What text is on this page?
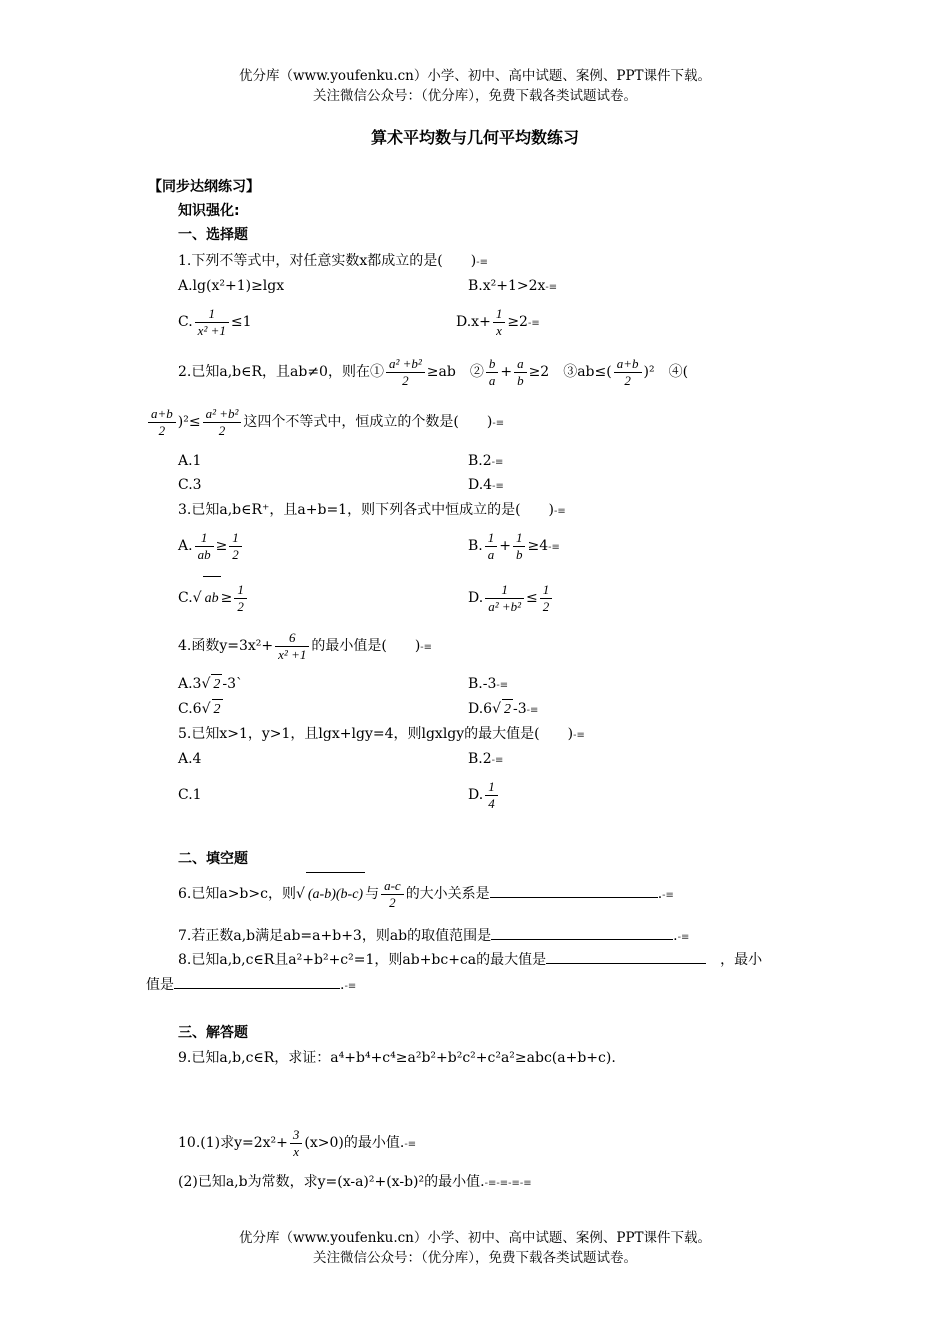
优分库（www.youfenku.cn）小学、初中、高中试题、案例、PPT课件下载。
关注微信公众号：（优分库），免费下载各类试题试卷。
算术平均数与几何平均数练习
【同步达纲练习】
知识强化:
一、选择题
1.下列不等式中，对任意实数x都成立的是(　　)-≡
A.lg(x²+1)≥lgx	B.x²+1>2x-≡
C. $\frac{1}{\text{x² +1}} \le 1$	$D.x+ \frac{1}{x} \ge 2-\equiv$
2.已知a,b∈R，且ab≠0，则在① $\frac{\text{a² +b²}}{2} \ge ab$　② $\frac{b}{a} + \frac{a}{b} \ge 2$　③ab≤( $\frac{a+b}{2} )^2$　④(
$\frac{a+b}{2} )^2\le \frac{\text{a² +b²}}{2}$ 这四个不等式中，恒成立的个数是(　　)-≡
A.1	B.2-≡
C.3	D.4-≡
3.已知a,b∈R⁺，且a+b=1，则下列各式中恒成立的是(　　)-≡
A. $\frac{1}{ab} \ge \frac{1}{2}$	B. $\frac{1}{a} + \frac{1}{b} \ge 4-\equiv$
C.√ ab ≥ $\frac{1}{2}$	D. $\frac{1}{\text{a² +b²}} \le \frac{1}{2}$
4.函数$y=3x^2+ \frac{6}{\text{x² +1}}$ 的最小值是(　　)-≡
A.3√ 2 -3`	B.-3-≡
C.6√ 2	D.6√ 2 -3-≡
5.已知x>1，y>1，且lgx+lgy=4，则lgxlgy的最大值是(　　)-≡
A.4	B.2-≡
C.1	D. $\frac{1}{4}$
二、填空题
6.已知a>b>c，则√ (a-b)(b-c) 与 $\frac{a-c}{2}$ 的大小关系是	.-≡
7.若正数a,b满足ab=a+b+3，则ab的取值范围是	.-≡
8.已知a,b,c∈R且a²+b²+c²=1，则ab+bc+ca的最大值是	，最小
值是	.-≡
三、解答题
9.已知a,b,c∈R，求证：a⁴+b⁴+c⁴≥a²b²+b²c²+c²a²≥abc(a+b+c).
10.(1)求$y=2x^2+ \frac{3}{x} (x>0)$的最小值.-≡
(2)已知a,b为常数，求y=(x-a)²+(x-b)²的最小值.-≡-≡-≡-≡
优分库（www.youfenku.cn）小学、初中、高中试题、案例、PPT课件下载。
关注微信公众号：（优分库），免费下载各类试题试卷。
